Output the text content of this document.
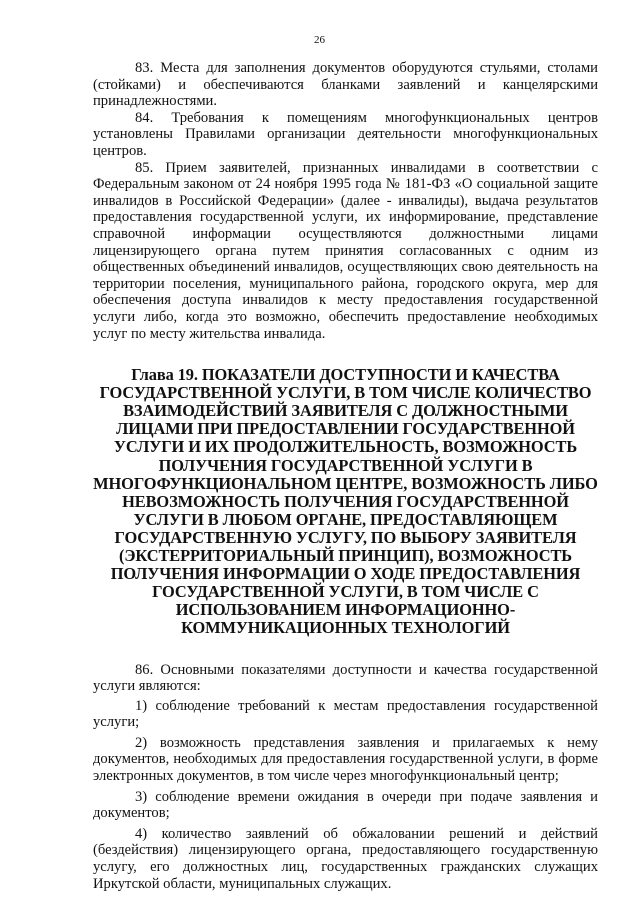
26

83. Места для заполнения документов оборудуются стульями, столами (стойками) и обеспечиваются бланками заявлений и канцелярскими принадлежностями.

84. Требования к помещениям многофункциональных центров установлены Правилами организации деятельности многофункциональных центров.

85. Прием заявителей, признанных инвалидами в соответствии с Федеральным законом от 24 ноября 1995 года № 181-ФЗ «О социальной защите инвалидов в Российской Федерации» (далее - инвалиды), выдача результатов предоставления государственной услуги, их информирование, представление справочной информации осуществляются должностными лицами лицензирующего органа путем принятия согласованных с одним из общественных объединений инвалидов, осуществляющих свою деятельность на территории поселения, муниципального района, городского округа, мер для обеспечения доступа инвалидов к месту предоставления государственной услуги либо, когда это возможно, обеспечить предоставление необходимых услуг по месту жительства инвалида.

Глава 19. ПОКАЗАТЕЛИ ДОСТУПНОСТИ И КАЧЕСТВА ГОСУДАРСТВЕННОЙ УСЛУГИ, В ТОМ ЧИСЛЕ КОЛИЧЕСТВО ВЗАИМОДЕЙСТВИЙ ЗАЯВИТЕЛЯ С ДОЛЖНОСТНЫМИ ЛИЦАМИ ПРИ ПРЕДОСТАВЛЕНИИ ГОСУДАРСТВЕННОЙ УСЛУГИ И ИХ ПРОДОЛЖИТЕЛЬНОСТЬ, ВОЗМОЖНОСТЬ ПОЛУЧЕНИЯ ГОСУДАРСТВЕННОЙ УСЛУГИ В МНОГОФУНКЦИОНАЛЬНОМ ЦЕНТРЕ, ВОЗМОЖНОСТЬ ЛИБО НЕВОЗМОЖНОСТЬ ПОЛУЧЕНИЯ ГОСУДАРСТВЕННОЙ УСЛУГИ В ЛЮБОМ ОРГАНЕ, ПРЕДОСТАВЛЯЮЩЕМ ГОСУДАРСТВЕННУЮ УСЛУГУ, ПО ВЫБОРУ ЗАЯВИТЕЛЯ (ЭКСТЕРРИТОРИАЛЬНЫЙ ПРИНЦИП), ВОЗМОЖНОСТЬ ПОЛУЧЕНИЯ ИНФОРМАЦИИ О ХОДЕ ПРЕДОСТАВЛЕНИЯ ГОСУДАРСТВЕННОЙ УСЛУГИ, В ТОМ ЧИСЛЕ С ИСПОЛЬЗОВАНИЕМ ИНФОРМАЦИОННО-КОММУНИКАЦИОННЫХ ТЕХНОЛОГИЙ

86. Основными показателями доступности и качества государственной услуги являются:

1) соблюдение требований к местам предоставления государственной услуги;

2) возможность представления заявления и прилагаемых к нему документов, необходимых для предоставления государственной услуги, в форме электронных документов, в том числе через многофункциональный центр;

3) соблюдение времени ожидания в очереди при подаче заявления и документов;

4) количество заявлений об обжаловании решений и действий (бездействия) лицензирующего органа, предоставляющего государственную услугу, его должностных лиц, государственных гражданских служащих Иркутской области, муниципальных служащих.
